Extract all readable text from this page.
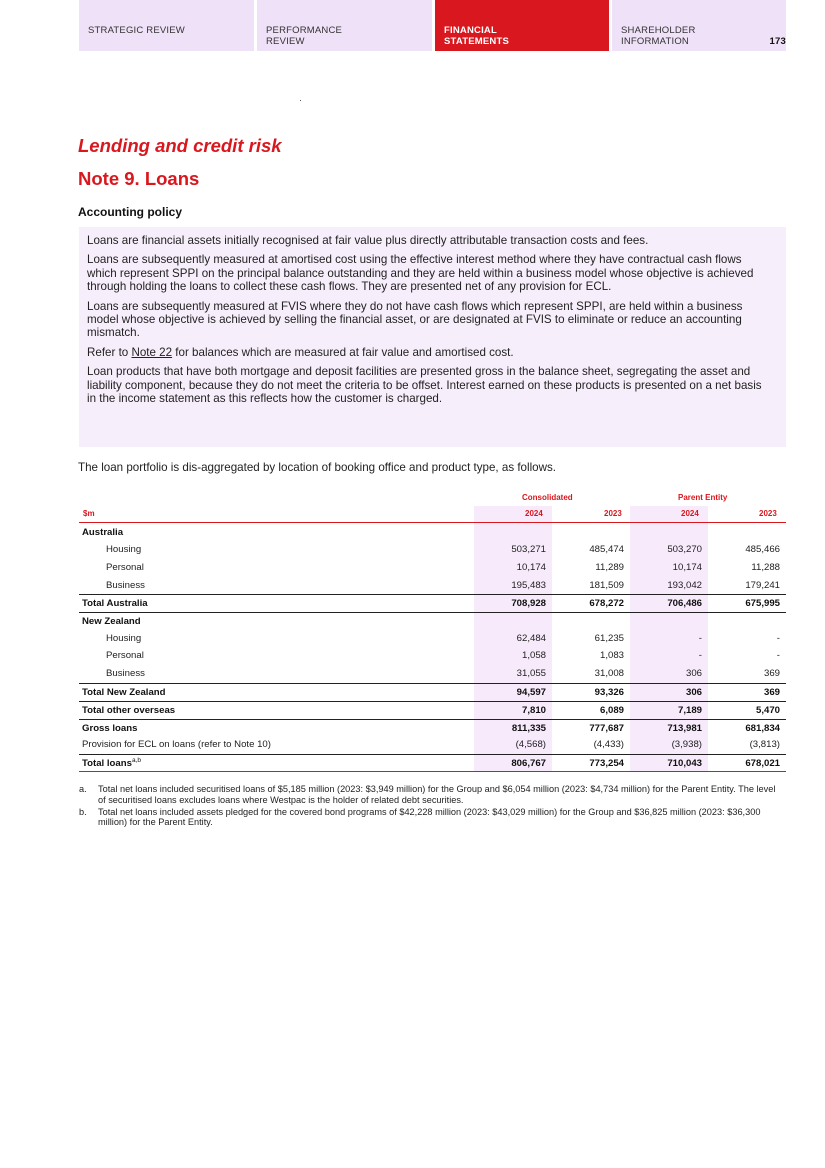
STRATEGIC REVIEW	PERFORMANCE REVIEW
FINANCIAL STATEMENTS
SHAREHOLDER INFORMATION	173
Lending and credit risk
Note 9. Loans
Accounting policy

Loans are financial assets initially recognised at fair value plus directly attributable transaction costs and fees.

Loans are subsequently measured at amortised cost using the effective interest method where they have contractual cash flows which represent SPPI on the principal balance outstanding and they are held within a business model whose objective is achieved through holding the loans to collect these cash flows. They are presented net of any provision for ECL.

Loans are subsequently measured at FVIS where they do not have cash flows which represent SPPI, are held within a business model whose objective is achieved by selling the financial asset, or are designated at FVIS to eliminate or reduce an accounting mismatch.

Refer to Note 22 for balances which are measured at fair value and amortised cost.

Loan products that have both mortgage and deposit facilities are presented gross in the balance sheet, segregating the asset and liability component, because they do not meet the criteria to be offset. Interest earned on these products is presented on a net basis in the income statement as this reflects how the customer is charged.

The loan portfolio is dis-aggregated by location of booking office and product type, as follows.
Consolidated	Parent Entity
$m	2024	2023	2024	2023
Australia
Housing	503,271	485,474	503,270	485,466
Personal	10,174	11,289	10,174	11,288
Business	195,483	181,509	193,042	179,241
Total Australia	708,928	678,272	706,486	675,995
New Zealand
Housing	62,484	61,235	-	-
Personal	1,058	1,083	-	-
Business	31,055	31,008	306	369
Total New Zealand	94,597	93,326	306	369
Total other overseas	7,810	6,089	7,189	5,470
Gross loans	811,335	777,687	713,981	681,834
Provision for ECL on loans (refer to Note 10)	(4,568)	(4,433)	(3,938)	(3,813)
Total loans$^{a,b}$	806,767	773,254	710,043	678,021
a.	Total net loans included securitised loans of $5,185 million (2023: $3,949 million) for the Group and $6,054 million (2023: $4,734 million) for the Parent Entity. The level of securitised loans excludes loans where Westpac is the holder of related debt securities.
b.	Total net loans included assets pledged for the covered bond programs of $42,228 million (2023: $43,029 million) for the Group and $36,825 million (2023: $36,300 million) for the Parent Entity.
